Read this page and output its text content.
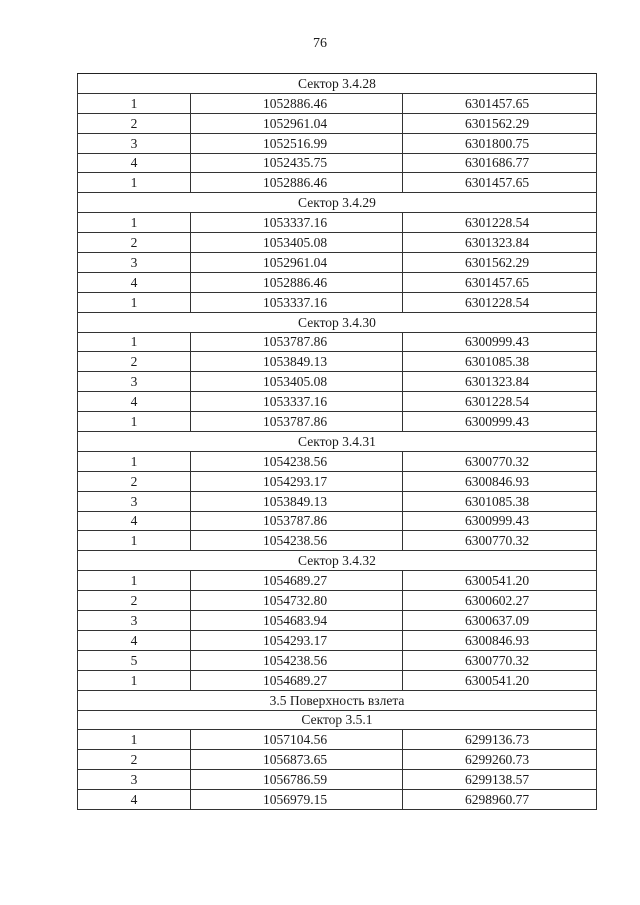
76
Сектор 3.4.28		
1	1052886.46	6301457.65
2	1052961.04	6301562.29
3	1052516.99	6301800.75
4	1052435.75	6301686.77
1	1052886.46	6301457.65
Сектор 3.4.29		
1	1053337.16	6301228.54
2	1053405.08	6301323.84
3	1052961.04	6301562.29
4	1052886.46	6301457.65
1	1053337.16	6301228.54
Сектор 3.4.30		
1	1053787.86	6300999.43
2	1053849.13	6301085.38
3	1053405.08	6301323.84
4	1053337.16	6301228.54
1	1053787.86	6300999.43
Сектор 3.4.31		
1	1054238.56	6300770.32
2	1054293.17	6300846.93
3	1053849.13	6301085.38
4	1053787.86	6300999.43
1	1054238.56	6300770.32
Сектор 3.4.32		
1	1054689.27	6300541.20
2	1054732.80	6300602.27
3	1054683.94	6300637.09
4	1054293.17	6300846.93
5	1054238.56	6300770.32
1	1054689.27	6300541.20
3.5 Поверхность взлета		
Сектор 3.5.1		
1	1057104.56	6299136.73
2	1056873.65	6299260.73
3	1056786.59	6299138.57
4	1056979.15	6298960.77
